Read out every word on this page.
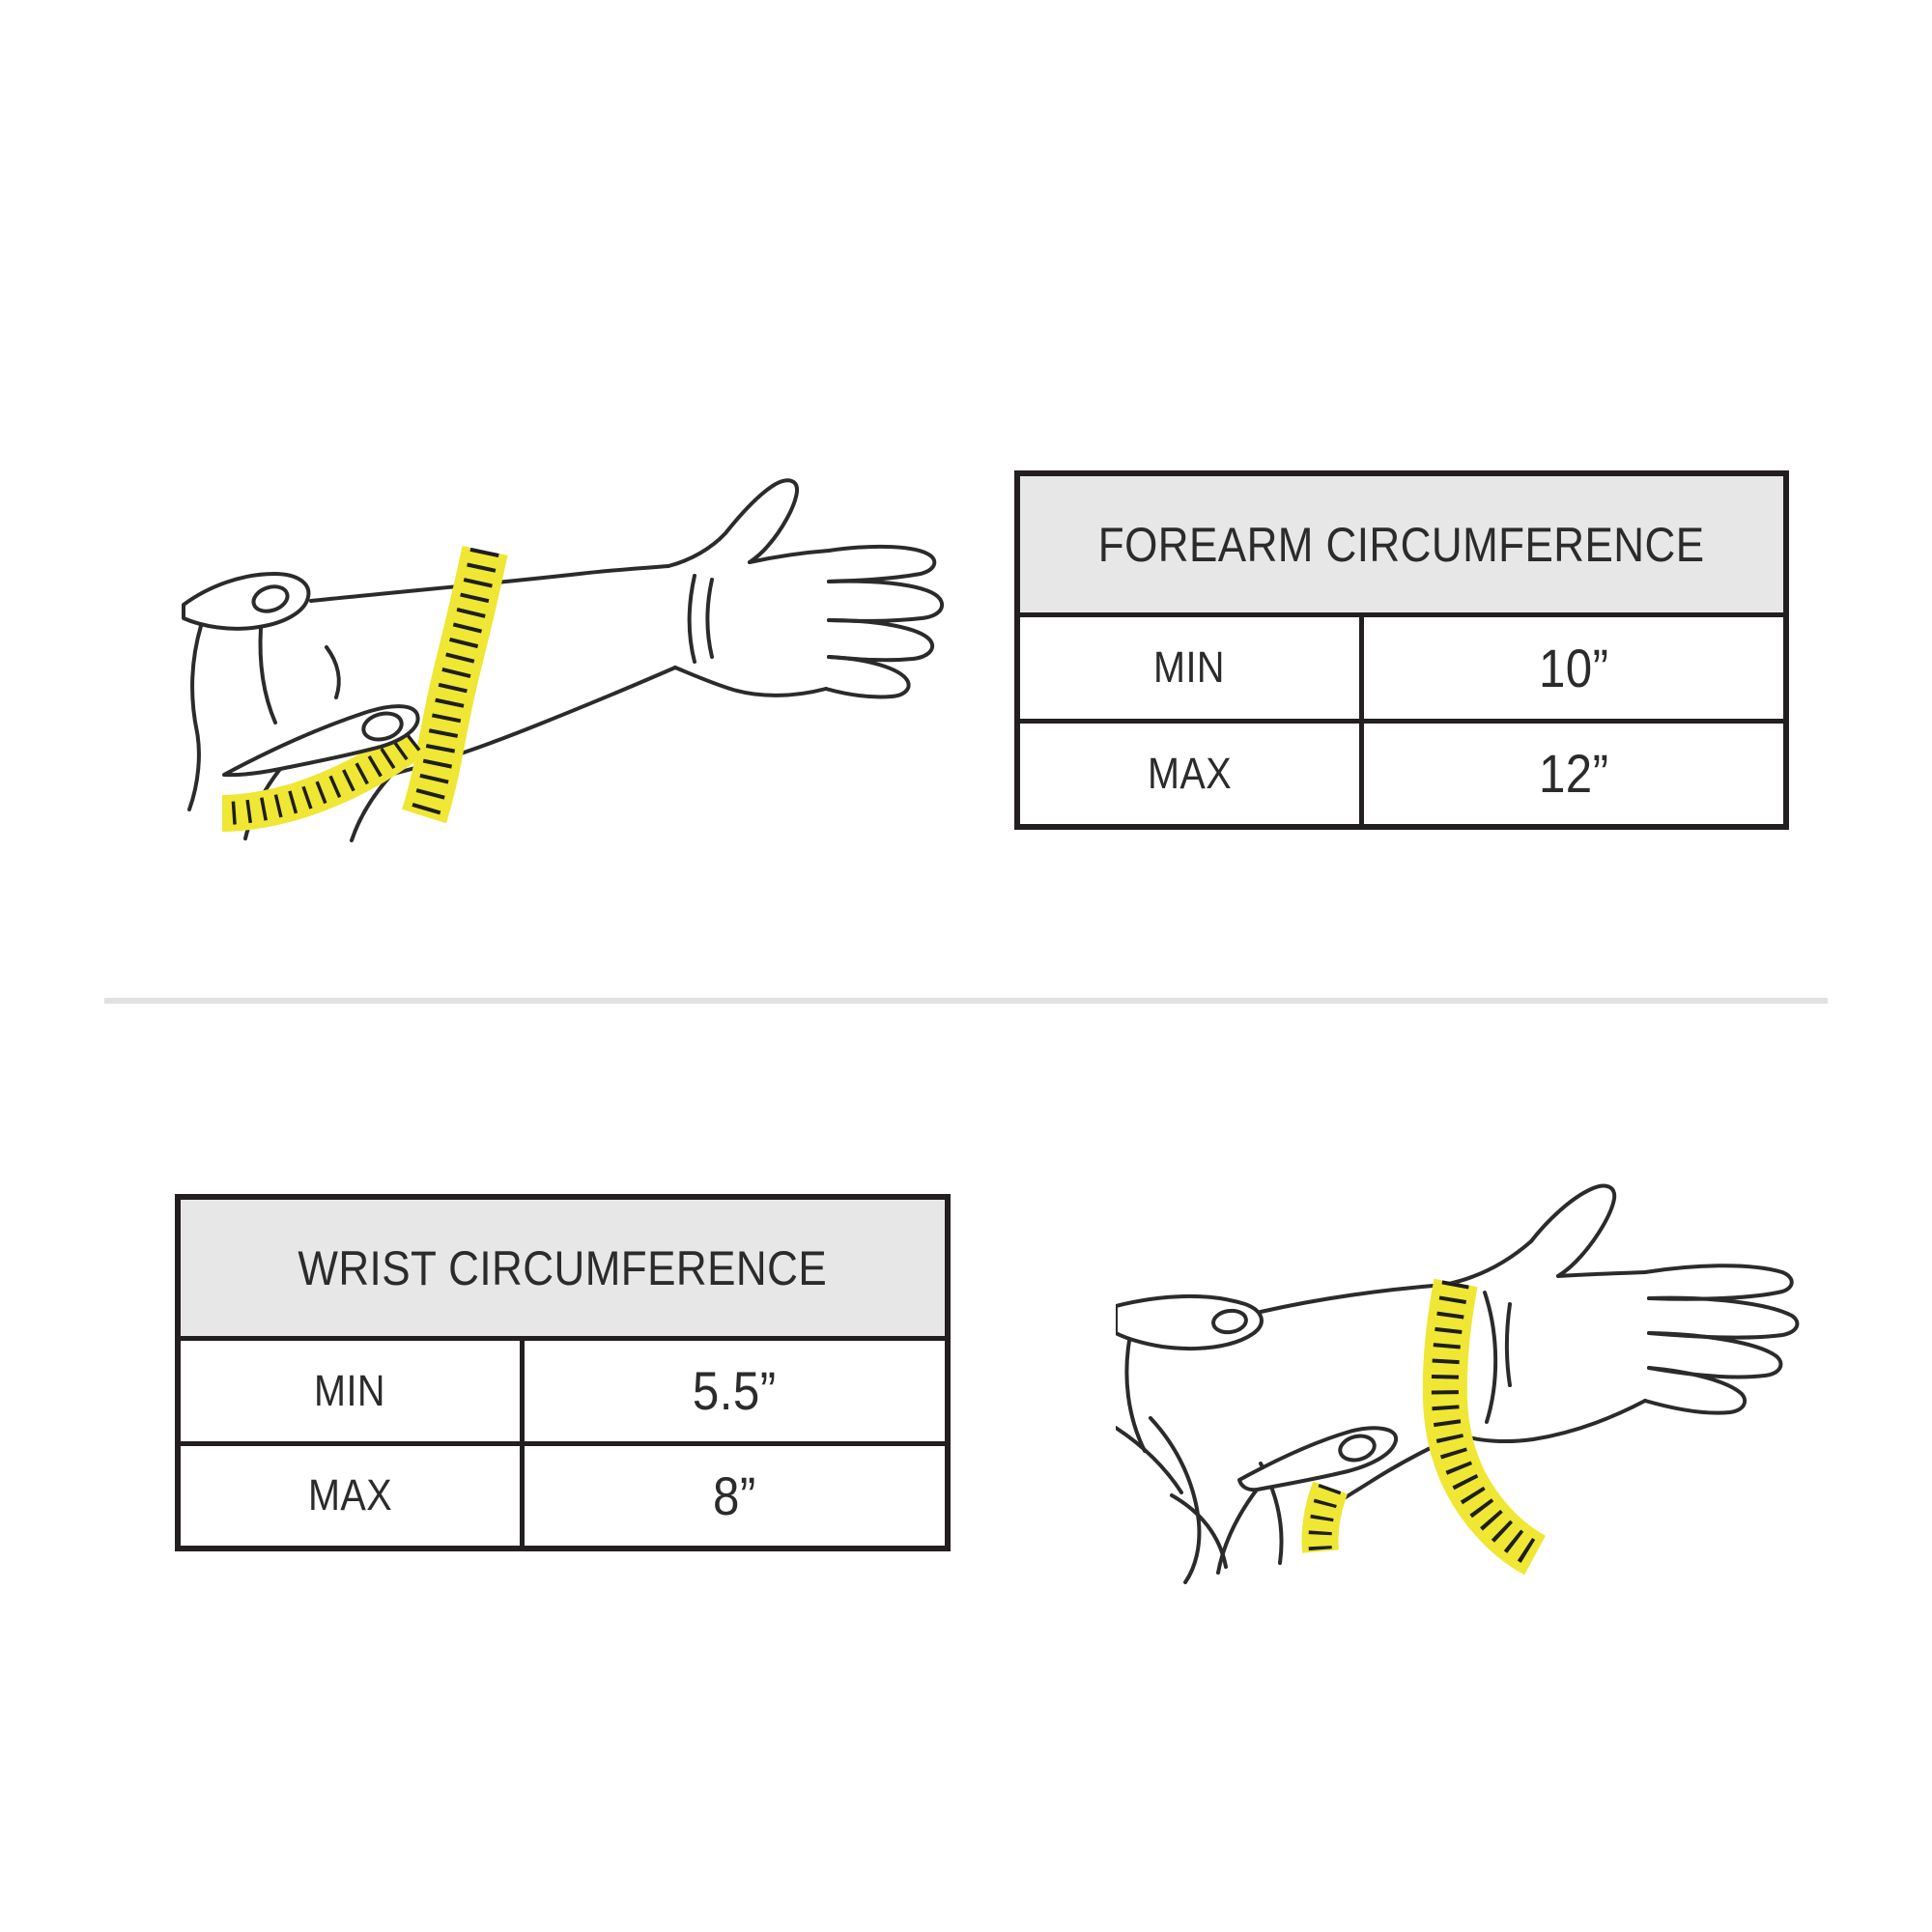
FOREARM CIRCUMFERENCE
MIN	10”
MAX	12”
WRIST CIRCUMFERENCE
MIN	5.5”
MAX	8”
